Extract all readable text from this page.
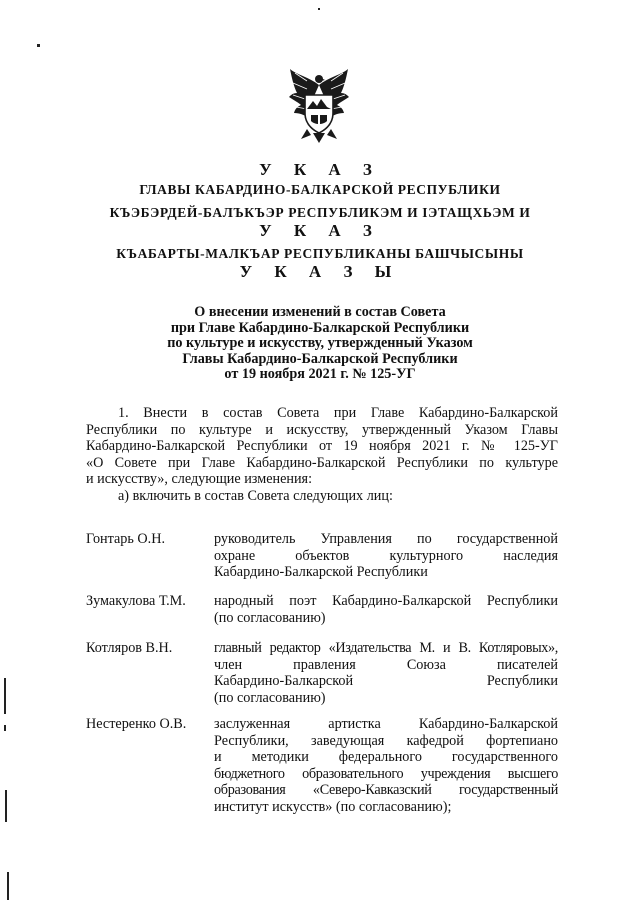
У К А З
ГЛАВЫ КАБАРДИНО-БАЛКАРСКОЙ РЕСПУБЛИКИ
КЪЭБЭРДЕЙ-БАЛЪКЪЭР РЕСПУБЛИКЭМ И ІЭТАЩХЬЭМ И
У К А З
КЪАБАРТЫ-МАЛКЪАР РЕСПУБЛИКАНЫ БАШЧЫСЫНЫ
У К А З Ы
О внесении изменений в состав Совета
при Главе Кабардино-Балкарской Республики
по культуре и искусству, утвержденный Указом
Главы Кабардино-Балкарской Республики
от 19 ноября 2021 г. № 125-УГ
1. Внести в состав Совета при Главе Кабардино-Балкарской
Республики по культуре и искусству, утвержденный Указом Главы
Кабардино-Балкарской Республики от 19 ноября 2021 г. № 125-УГ
«О Совете при Главе Кабардино-Балкарской Республики по культуре
и искусству», следующие изменения:
а) включить в состав Совета следующих лиц:
Гонтарь О.Н.	руководитель Управления по государственной
охране объектов культурного наследия
Кабардино-Балкарской Республики
Зумакулова Т.М.	народный поэт Кабардино-Балкарской Республики
(по согласованию)
Котляров В.Н.	главный редактор «Издательства М. и В. Котляровых»,
член правления Союза писателей
Кабардино-Балкарской Республики
(по согласованию)
Нестеренко О.В.	заслуженная артистка Кабардино-Балкарской
Республики, заведующая кафедрой фортепиано
и методики федерального государственного
бюджетного образовательного учреждения высшего
образования «Северо-Кавказский государственный
институт искусств» (по согласованию);
